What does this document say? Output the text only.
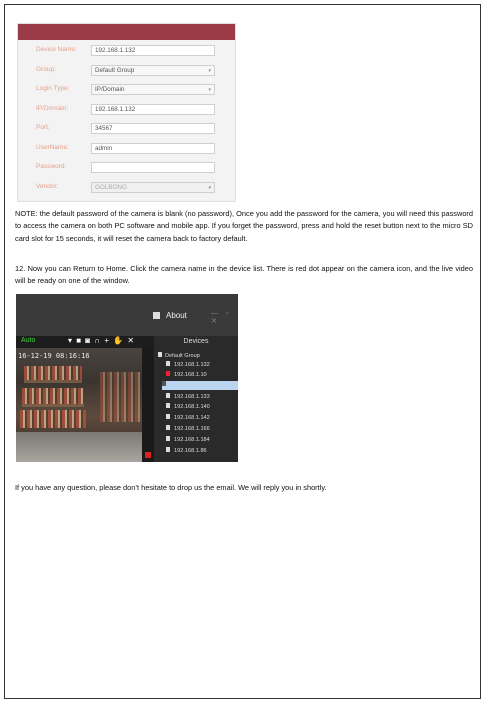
Device Name:	192.168.1.132
Group:	Default Group	▾
Login Type:	IP/Domain	▾
IP/Domain:	192.168.1.132
Port:	34567
UserName:	admin
Password:
Vendor:	GOLBONG	▾
NOTE: the default password of the camera is blank (no password), Once you add the password for the camera, you will need this password to access the camera on both PC software and mobile app. If you forget the password, press and hold the reset button next to the micro SD card slot for 15 seconds, it will reset the camera back to factory default.
12. Now you can Return to Home. Click the camera name in the device list. There is red dot appear on the camera icon, and the live video will be ready on one of the window.
About	— ▫ ✕
Auto	▾ ■ ◙ ∩ + ✋ ✕	Devices
16-12-19 08:16:16	Default Group
192.168.1.132
192.168.1.10
192.168.1.10
192.168.1.133
192.168.1.140
192.168.1.142
192.168.1.166
192.168.1.184
192.168.1.86
If you have any question, please don’t hesitate to drop us the email. We will reply you in shortly.
